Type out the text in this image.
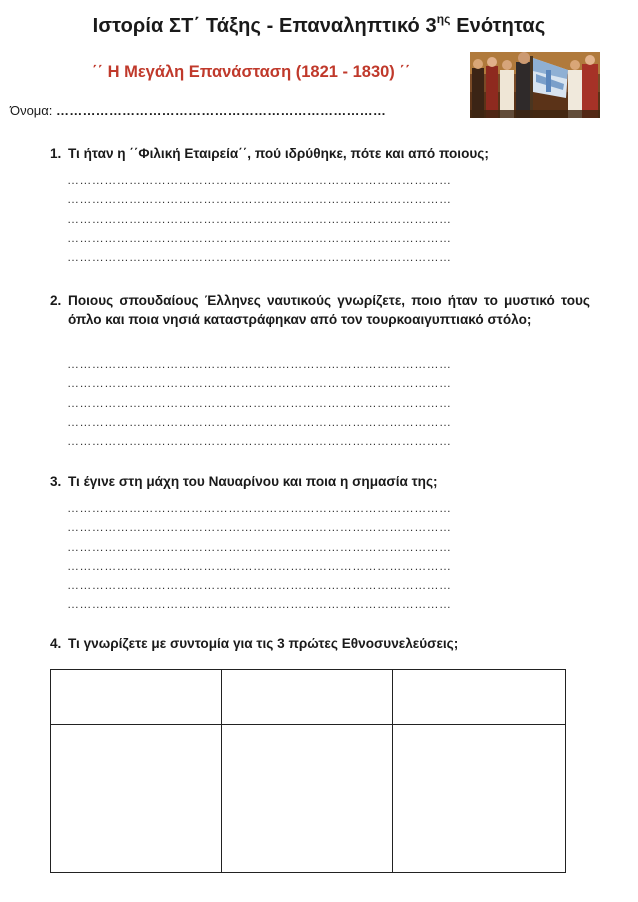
Ιστορία ΣΤ΄ Τάξης - Επαναληπτικό $3^{\eta\varsigma}$ Ενότητας
΄΄ Η Μεγάλη Επανάσταση (1821 - 1830) ΄΄
Όνομα: …………………………………………………………………
1. Τι ήταν η ΄΄Φιλική Εταιρεία΄΄, πού ιδρύθηκε, πότε και από ποιους;
…………………………………………………………………………………
…………………………………………………………………………………
…………………………………………………………………………………
…………………………………………………………………………………
…………………………………………………………………………………
2. Ποιους σπουδαίους Έλληνες ναυτικούς γνωρίζετε, ποιο ήταν το μυστικό τους όπλο και ποια νησιά καταστράφηκαν από τον τουρκοαιγυπτιακό στόλο;
…………………………………………………………………………………
…………………………………………………………………………………
…………………………………………………………………………………
…………………………………………………………………………………
…………………………………………………………………………………
3. Τι έγινε στη μάχη του Ναυαρίνου και ποια η σημασία της;
…………………………………………………………………………………
…………………………………………………………………………………
…………………………………………………………………………………
…………………………………………………………………………………
…………………………………………………………………………………
…………………………………………………………………………………
4. Τι γνωρίζετε με συντομία για τις 3 πρώτες Εθνοσυνελεύσεις;
